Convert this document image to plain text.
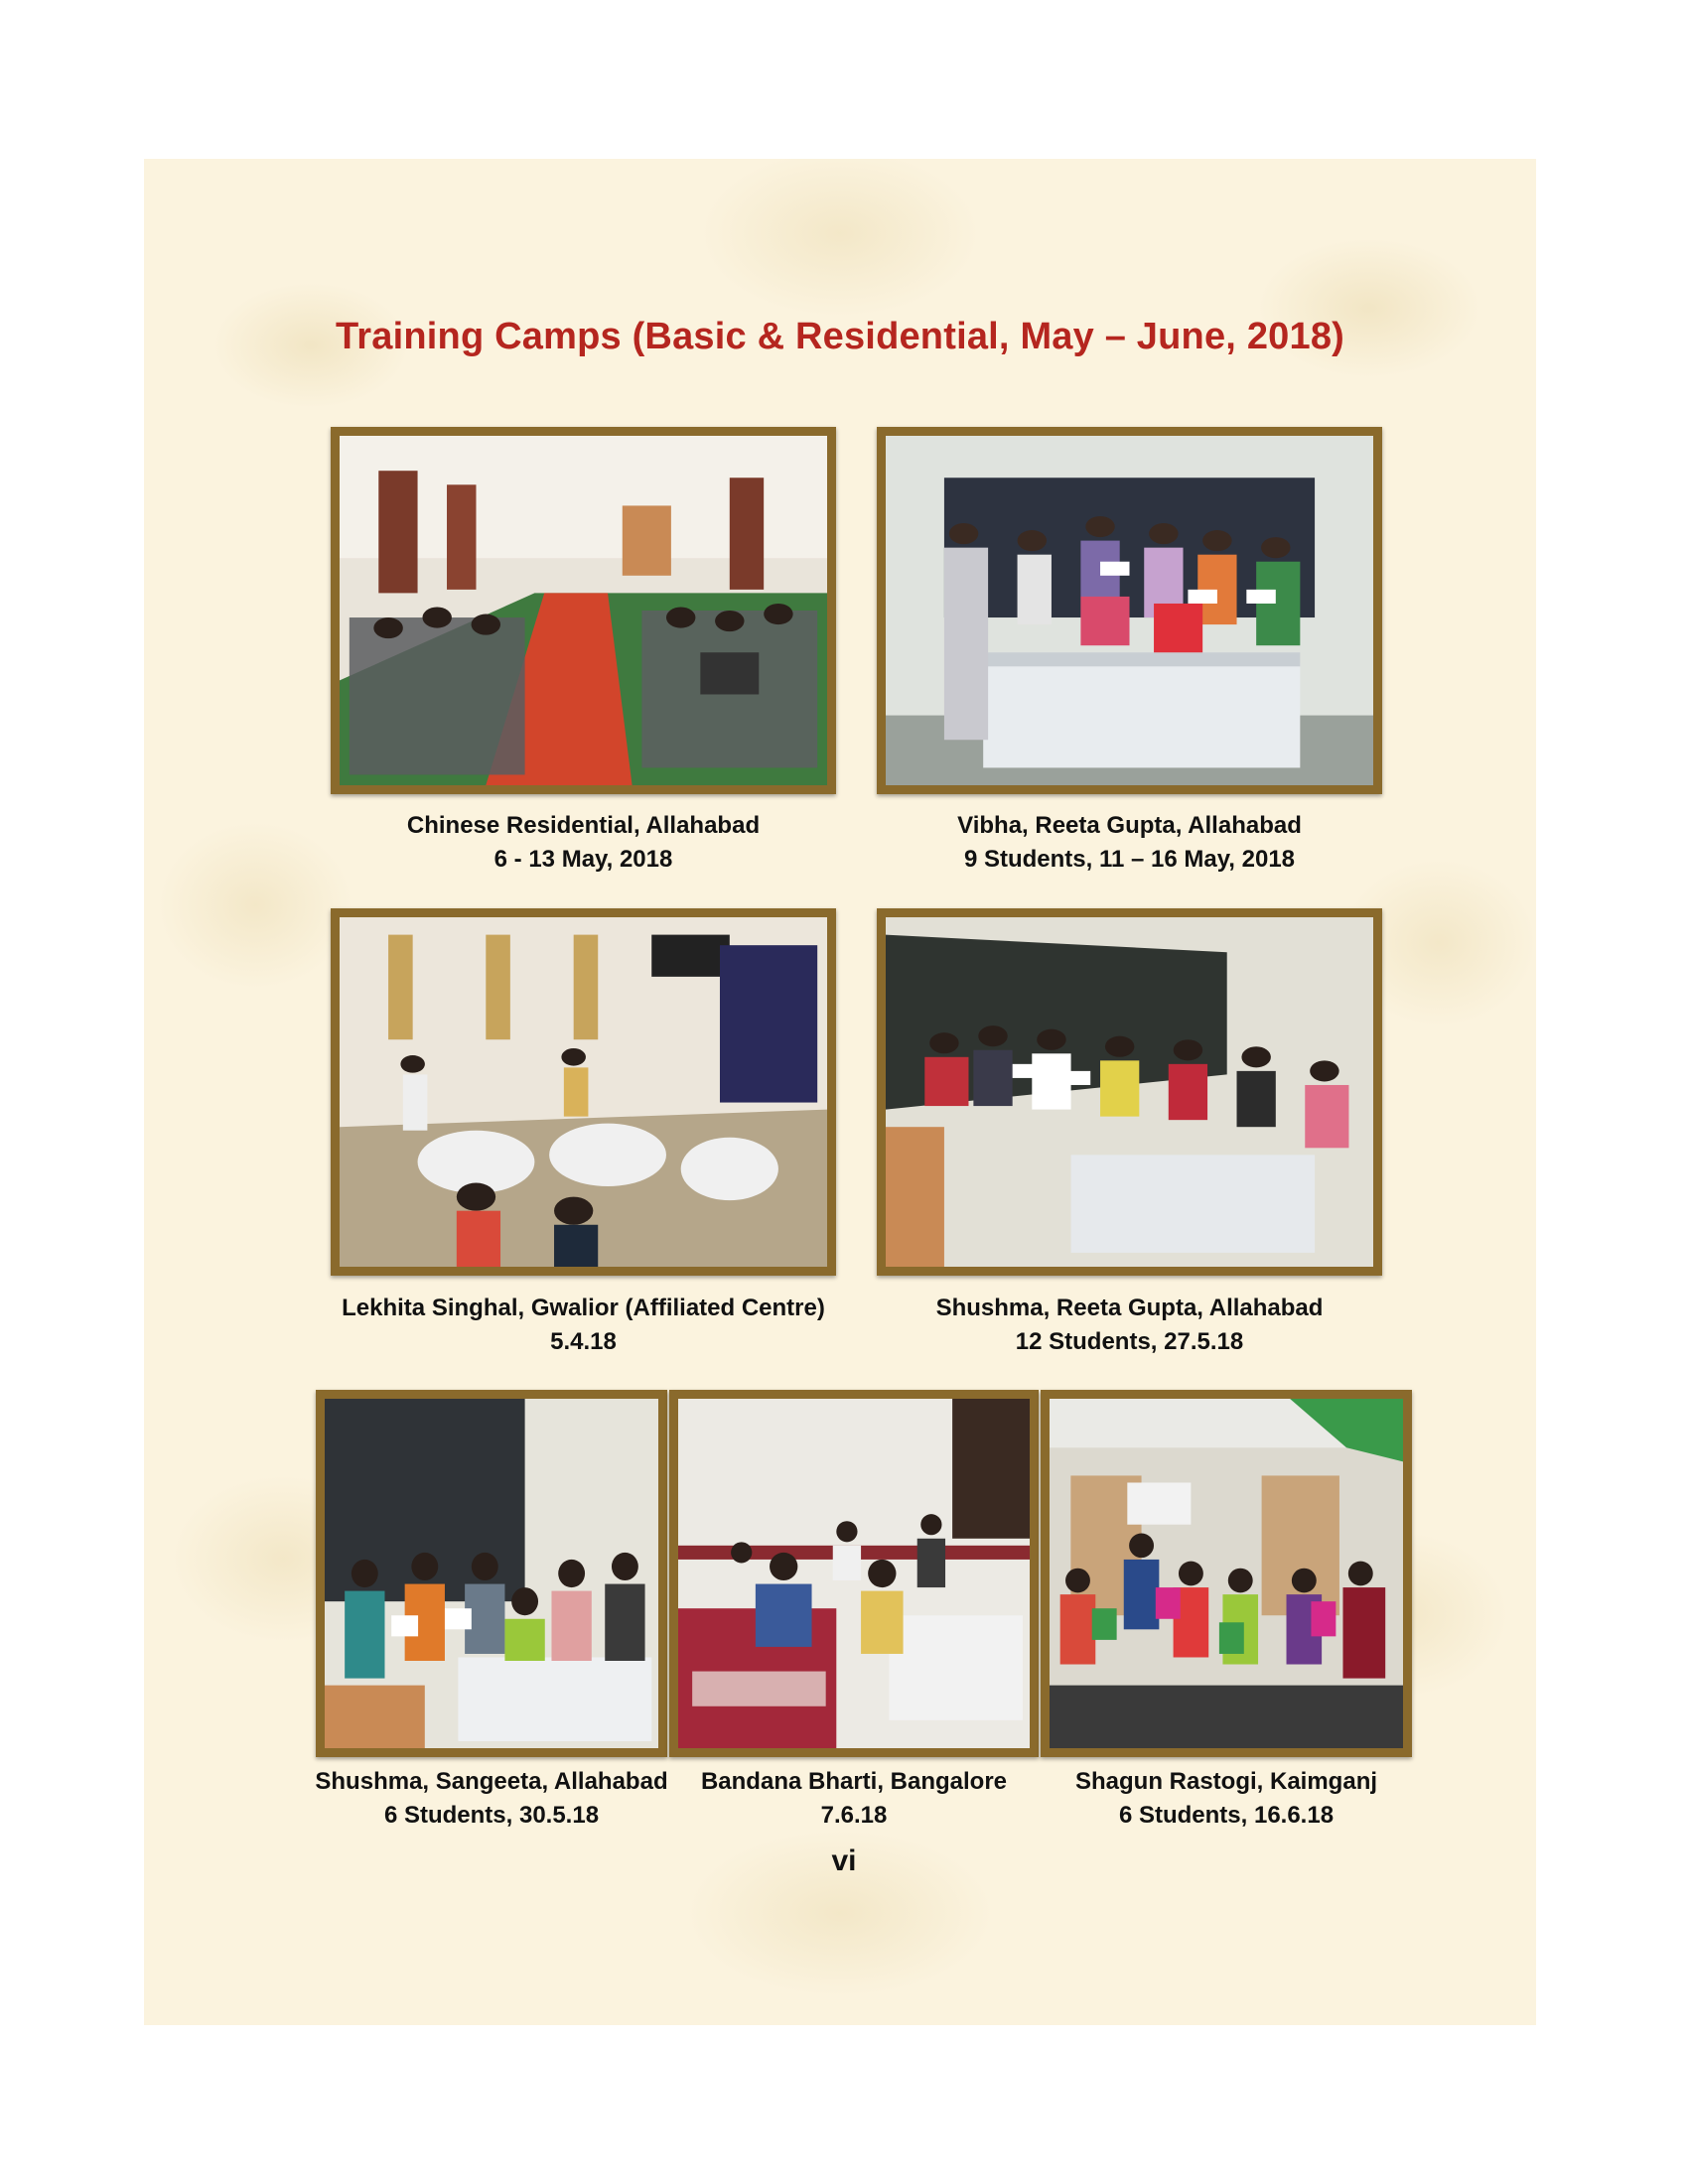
Training Camps (Basic & Residential, May – June, 2018)
Chinese Residential, Allahabad
6 - 13 May, 2018
Vibha, Reeta Gupta, Allahabad
9 Students, 11 – 16 May, 2018
Lekhita Singhal, Gwalior (Affiliated Centre)
5.4.18
Shushma, Reeta Gupta, Allahabad
12 Students, 27.5.18
Shushma, Sangeeta, Allahabad
6 Students, 30.5.18
Bandana Bharti, Bangalore
7.6.18
Shagun Rastogi, Kaimganj
6 Students, 16.6.18
vi
